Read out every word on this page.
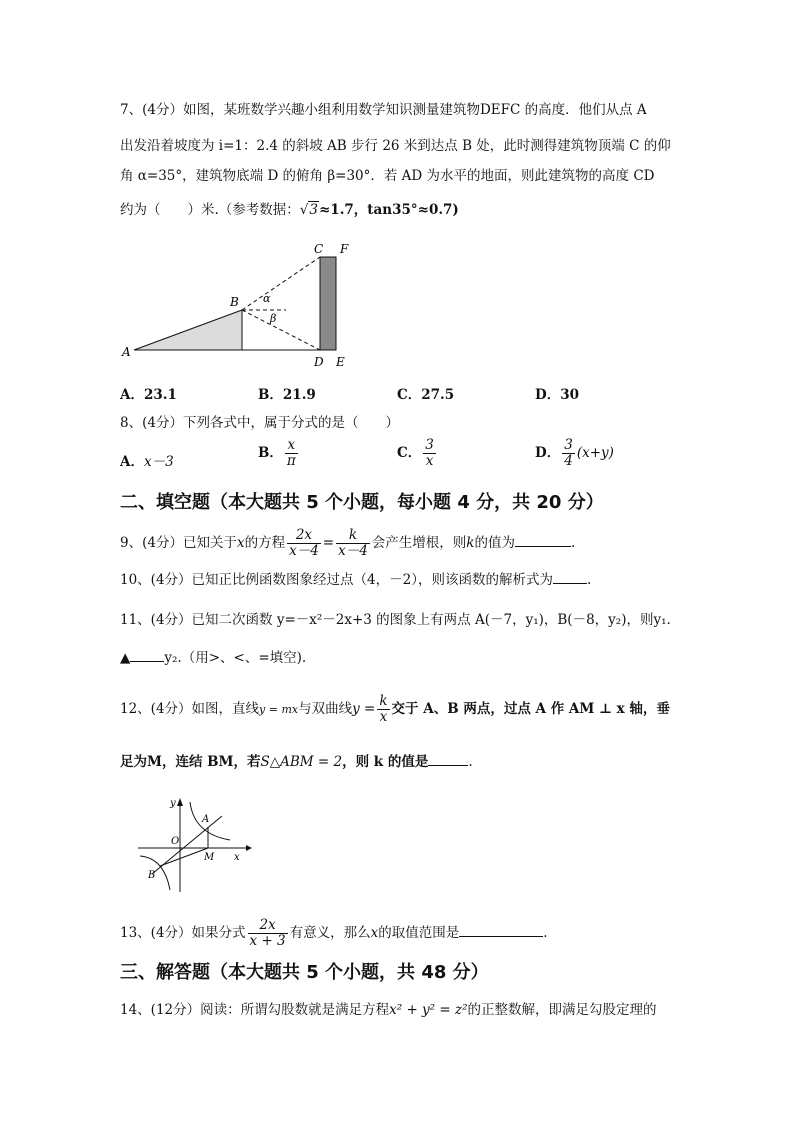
7、(4分）如图，某班数学兴趣小组利用数学知识测量建筑物DEFC 的高度．他们从点 A
出发沿着坡度为 i=1：2.4 的斜坡 AB 步行 26 米到达点 B 处，此时测得建筑物顶端 C 的仰
角 α=35°，建筑物底端 D 的俯角 β=30°．若 AD 为水平的地面，则此建筑物的高度 CD
约为（　　）米.（参考数据：√3≈1.7，tan35°≈0.7)
A
B
C F
D E
α
β
A．23.1	B．21.9	C．27.5	D．30
8、(4分）下列各式中，属于分式的是（　　）
A．x－3
B． $\frac{x}{\pi}$	C． $\frac{3}{x}$	D． $\frac{3}{4} (x+y)$
二、填空题（本大题共 5 个小题，每小题 4 分，共 20 分）
9、(4分）已知关于x的方程 $\frac{2x}{x-4} = \frac{k}{x-4}$ 会产生增根，则k的值为	.
10、(4分）已知正比例函数图象经过点（4，－2），则该函数的解析式为	.
11、(4分）已知二次函数 y=－x²－2x+3 的图象上有两点 A(－7，y₁)，B(－8，y₂)，则y₁.
▲	y₂.（用>、<、=填空).
12、(4分）如图，直线y = mx与双曲线$y = \frac{k}{x}$ 交于 A、B 两点，过点 A 作 AM ⊥ x 轴，垂
足为M，连结 BM，若S△ABM = 2，则 k 的值是	.
y
x
O
A
B
M
13、(4分）如果分式 $\frac{2x}{x + 3}$ 有意义，那么x的取值范围是	.
三、解答题（本大题共 5 个小题，共 48 分）
14、(12分）阅读：所谓勾股数就是满足方程x² + y² = z²的正整数解，即满足勾股定理的
